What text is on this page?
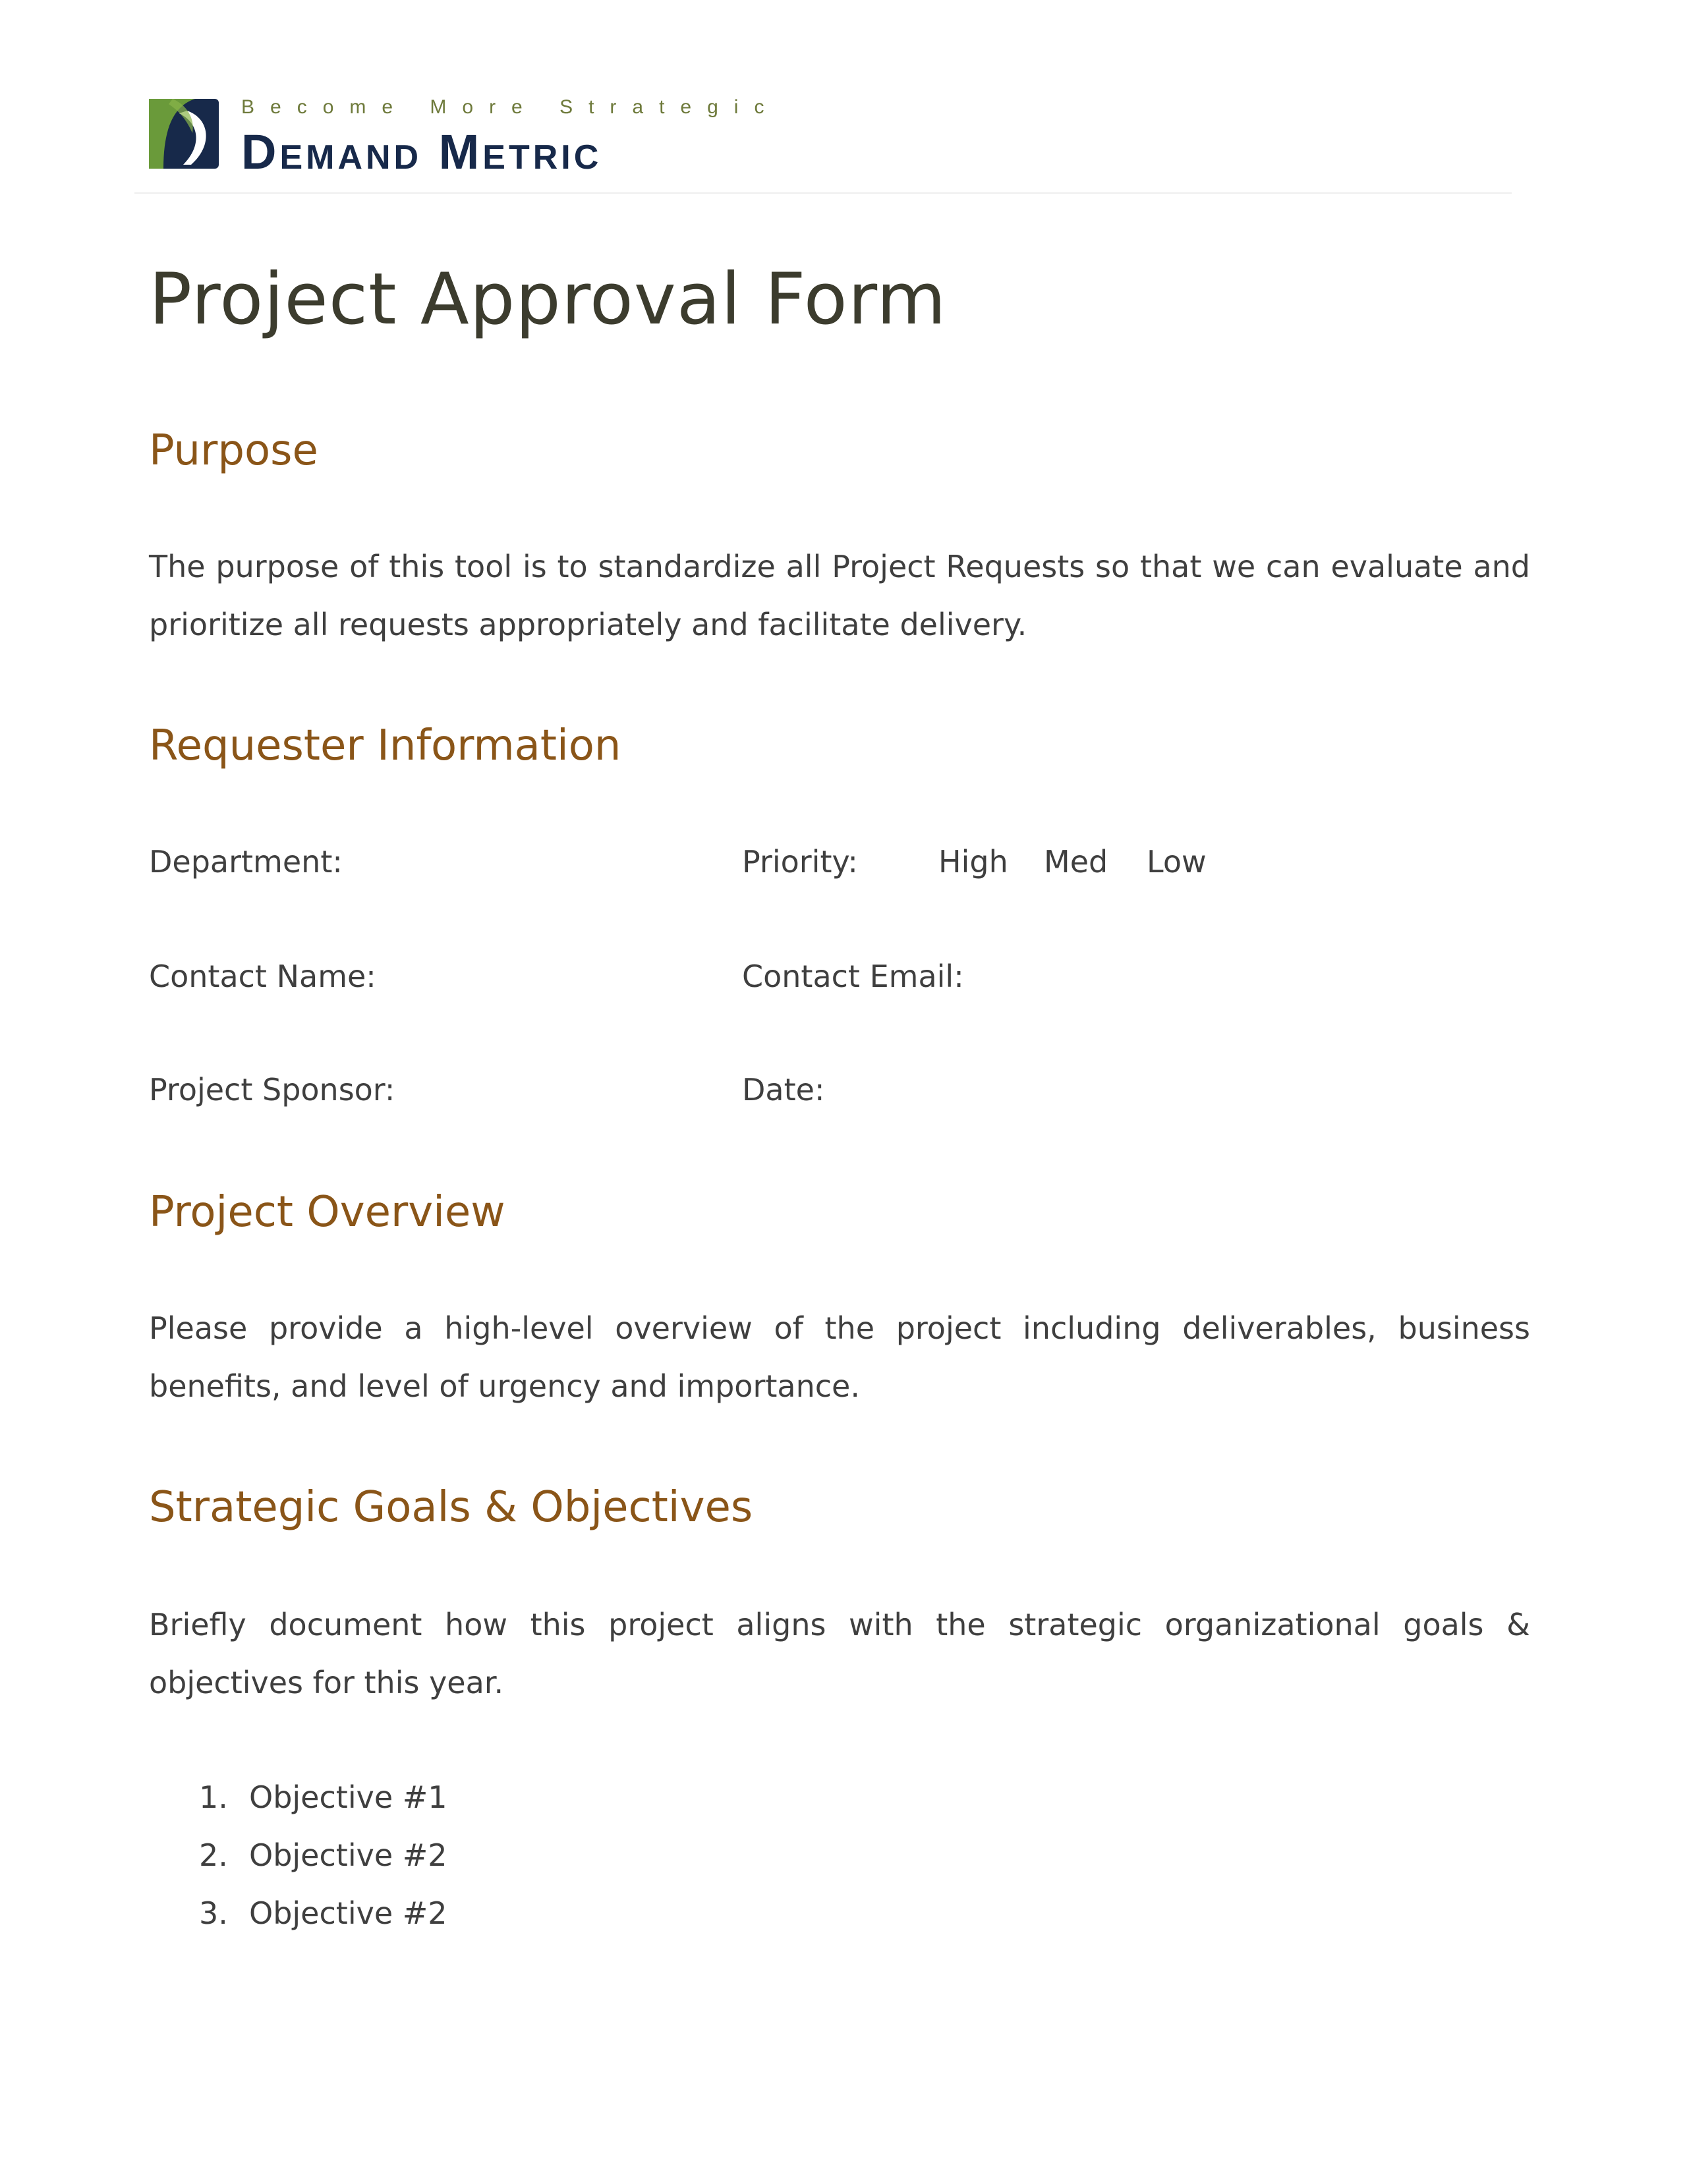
Become More Strategic
Demand Metric
Project Approval Form
Purpose
The purpose of this tool is to standardize all Project Requests so that we can evaluate and prioritize all requests appropriately and facilitate delivery.
Requester Information
Department:	Priority:	High Med Low
Contact Name:	Contact Email:
Project Sponsor:	Date:
Project Overview
Please provide a high-level overview of the project including deliverables, business benefits, and level of urgency and importance.
Strategic Goals & Objectives
Briefly document how this project aligns with the strategic organizational goals & objectives for this year.
1. Objective #1
2. Objective #2
3. Objective #2
